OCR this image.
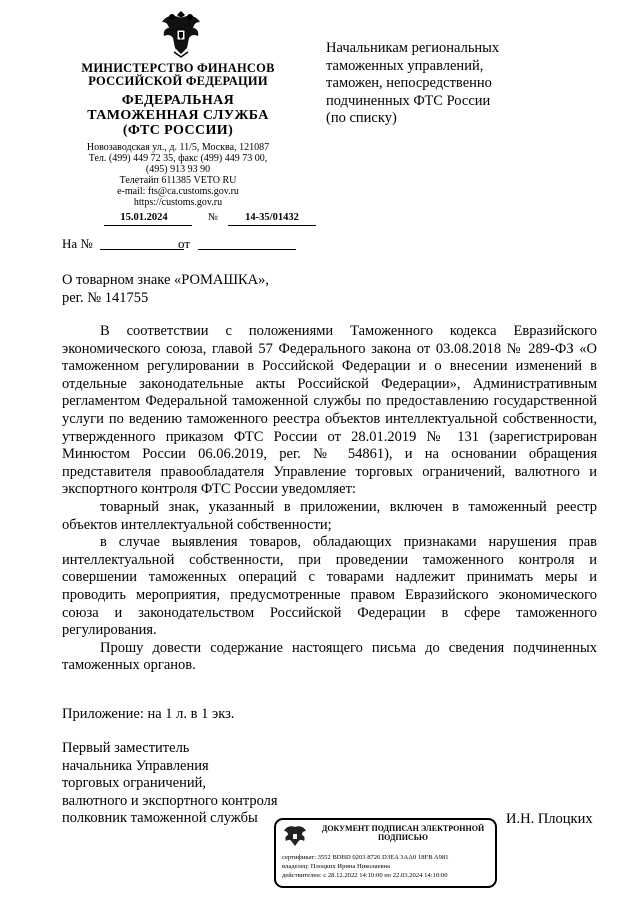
МИНИСТЕРСТВО ФИНАНСОВ
РОССИЙСКОЙ ФЕДЕРАЦИИ
ФЕДЕРАЛЬНАЯ
ТАМОЖЕННАЯ СЛУЖБА
(ФТС РОССИИ)
Новозаводская ул., д. 11/5, Москва, 121087
Тел. (499) 449 72 35, факс (499) 449 73 00,
(495) 913 93 90
Телетайп 611385 VETO RU
e-mail: fts@ca.customs.gov.ru
https://customs.gov.ru
15.01.2024	№	14-35/01432
На №	от
Начальникам региональных
таможенных управлений,
таможен, непосредственно
подчиненных ФТС России
(по списку)
О товарном знаке «РОМАШКА»,
рег. № 141755

В соответствии с положениями Таможенного кодекса Евразийского экономического союза, главой 57 Федерального закона от 03.08.2018 № 289-ФЗ «О таможенном регулировании в Российской Федерации и о внесении изменений в отдельные законодательные акты Российской Федерации», Административным регламентом Федеральной таможенной службы по предоставлению государственной услуги по ведению таможенного реестра объектов интеллектуальной собственности, утвержденного приказом ФТС России от 28.01.2019 № 131 (зарегистрирован Минюстом России 06.06.2019, рег. № 54861), и на основании обращения представителя правообладателя Управление торговых ограничений, валютного и экспортного контроля ФТС России уведомляет:

товарный знак, указанный в приложении, включен в таможенный реестр объектов интеллектуальной собственности;

в случае выявления товаров, обладающих признаками нарушения прав интеллектуальной собственности, при проведении таможенного контроля и совершении таможенных операций с товарами надлежит принимать меры и проводить мероприятия, предусмотренные правом Евразийского экономического союза и законодательством Российской Федерации в сфере таможенного регулирования.

Прошу довести содержание настоящего письма до сведения подчиненных таможенных органов.

Приложение: на 1 л. в 1 экз.
Первый заместитель
начальника Управления
торговых ограничений,
валютного и экспортного контроля
полковник таможенной службы	И.Н. Плоцких
ДОКУМЕНТ ПОДПИСАН ЭЛЕКТРОННОЙ ПОДПИСЬЮ
сертификат: 3552 BDBD 0203 8726 D3EA 3AA0 18FB A981
владелец: Плоцких Ирина Николаевна
действителен: с 28.12.2022 14:10:00 по 22.03.2024 14:10:00
